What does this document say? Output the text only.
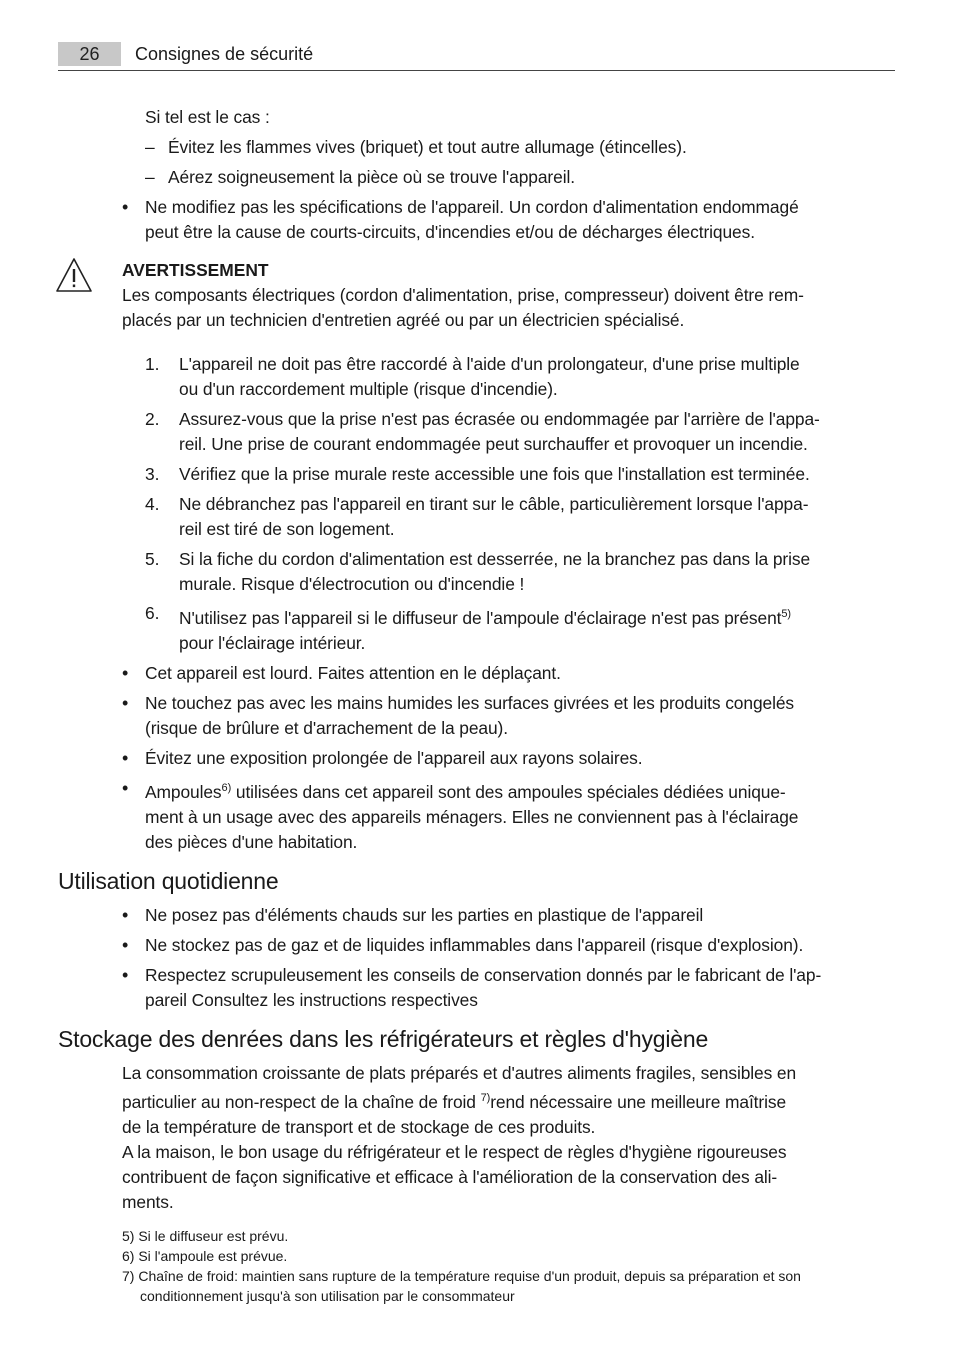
26	Consignes de sécurité
Si tel est le cas :
– Évitez les flammes vives (briquet) et tout autre allumage (étincelles).
– Aérez soigneusement la pièce où se trouve l'appareil.
• Ne modifiez pas les spécifications de l'appareil. Un cordon d'alimentation endommagé
peut être la cause de courts-circuits, d'incendies et/ou de décharges électriques.
AVERTISSEMENT
Les composants électriques (cordon d'alimentation, prise, compresseur) doivent être rem-
placés par un technicien d'entretien agréé ou par un électricien spécialisé.
1. L'appareil ne doit pas être raccordé à l'aide d'un prolongateur, d'une prise multiple
ou d'un raccordement multiple (risque d'incendie).
2. Assurez-vous que la prise n'est pas écrasée ou endommagée par l'arrière de l'appa-
reil. Une prise de courant endommagée peut surchauffer et provoquer un incendie.
3. Vérifiez que la prise murale reste accessible une fois que l'installation est terminée.
4. Ne débranchez pas l'appareil en tirant sur le câble, particulièrement lorsque l'appa-
reil est tiré de son logement.
5. Si la fiche du cordon d'alimentation est desserrée, ne la branchez pas dans la prise
murale. Risque d'électrocution ou d'incendie !
6. N'utilisez pas l'appareil si le diffuseur de l'ampoule d'éclairage n'est pas présent$^{5)}$
pour l'éclairage intérieur.
• Cet appareil est lourd. Faites attention en le déplaçant.
• Ne touchez pas avec les mains humides les surfaces givrées et les produits congelés
(risque de brûlure et d'arrachement de la peau).
• Évitez une exposition prolongée de l'appareil aux rayons solaires.
• Ampoules$^{6)}$ utilisées dans cet appareil sont des ampoules spéciales dédiées unique-
ment à un usage avec des appareils ménagers. Elles ne conviennent pas à l'éclairage
des pièces d'une habitation.
Utilisation quotidienne
• Ne posez pas d'éléments chauds sur les parties en plastique de l'appareil
• Ne stockez pas de gaz et de liquides inflammables dans l'appareil (risque d'explosion).
• Respectez scrupuleusement les conseils de conservation donnés par le fabricant de l'ap-
pareil Consultez les instructions respectives
Stockage des denrées dans les réfrigérateurs et règles d'hygiène
La consommation croissante de plats préparés et d'autres aliments fragiles, sensibles en
particulier au non-respect de la chaîne de froid $^{7)}$rend nécessaire une meilleure maîtrise
de la température de transport et de stockage de ces produits.
A la maison, le bon usage du réfrigérateur et le respect de règles d'hygiène rigoureuses
contribuent de façon significative et efficace à l'amélioration de la conservation des ali-
ments.
5) Si le diffuseur est prévu.
6) Si l'ampoule est prévue.
7) Chaîne de froid: maintien sans rupture de la température requise d'un produit, depuis sa préparation et son
conditionnement jusqu'à son utilisation par le consommateur
